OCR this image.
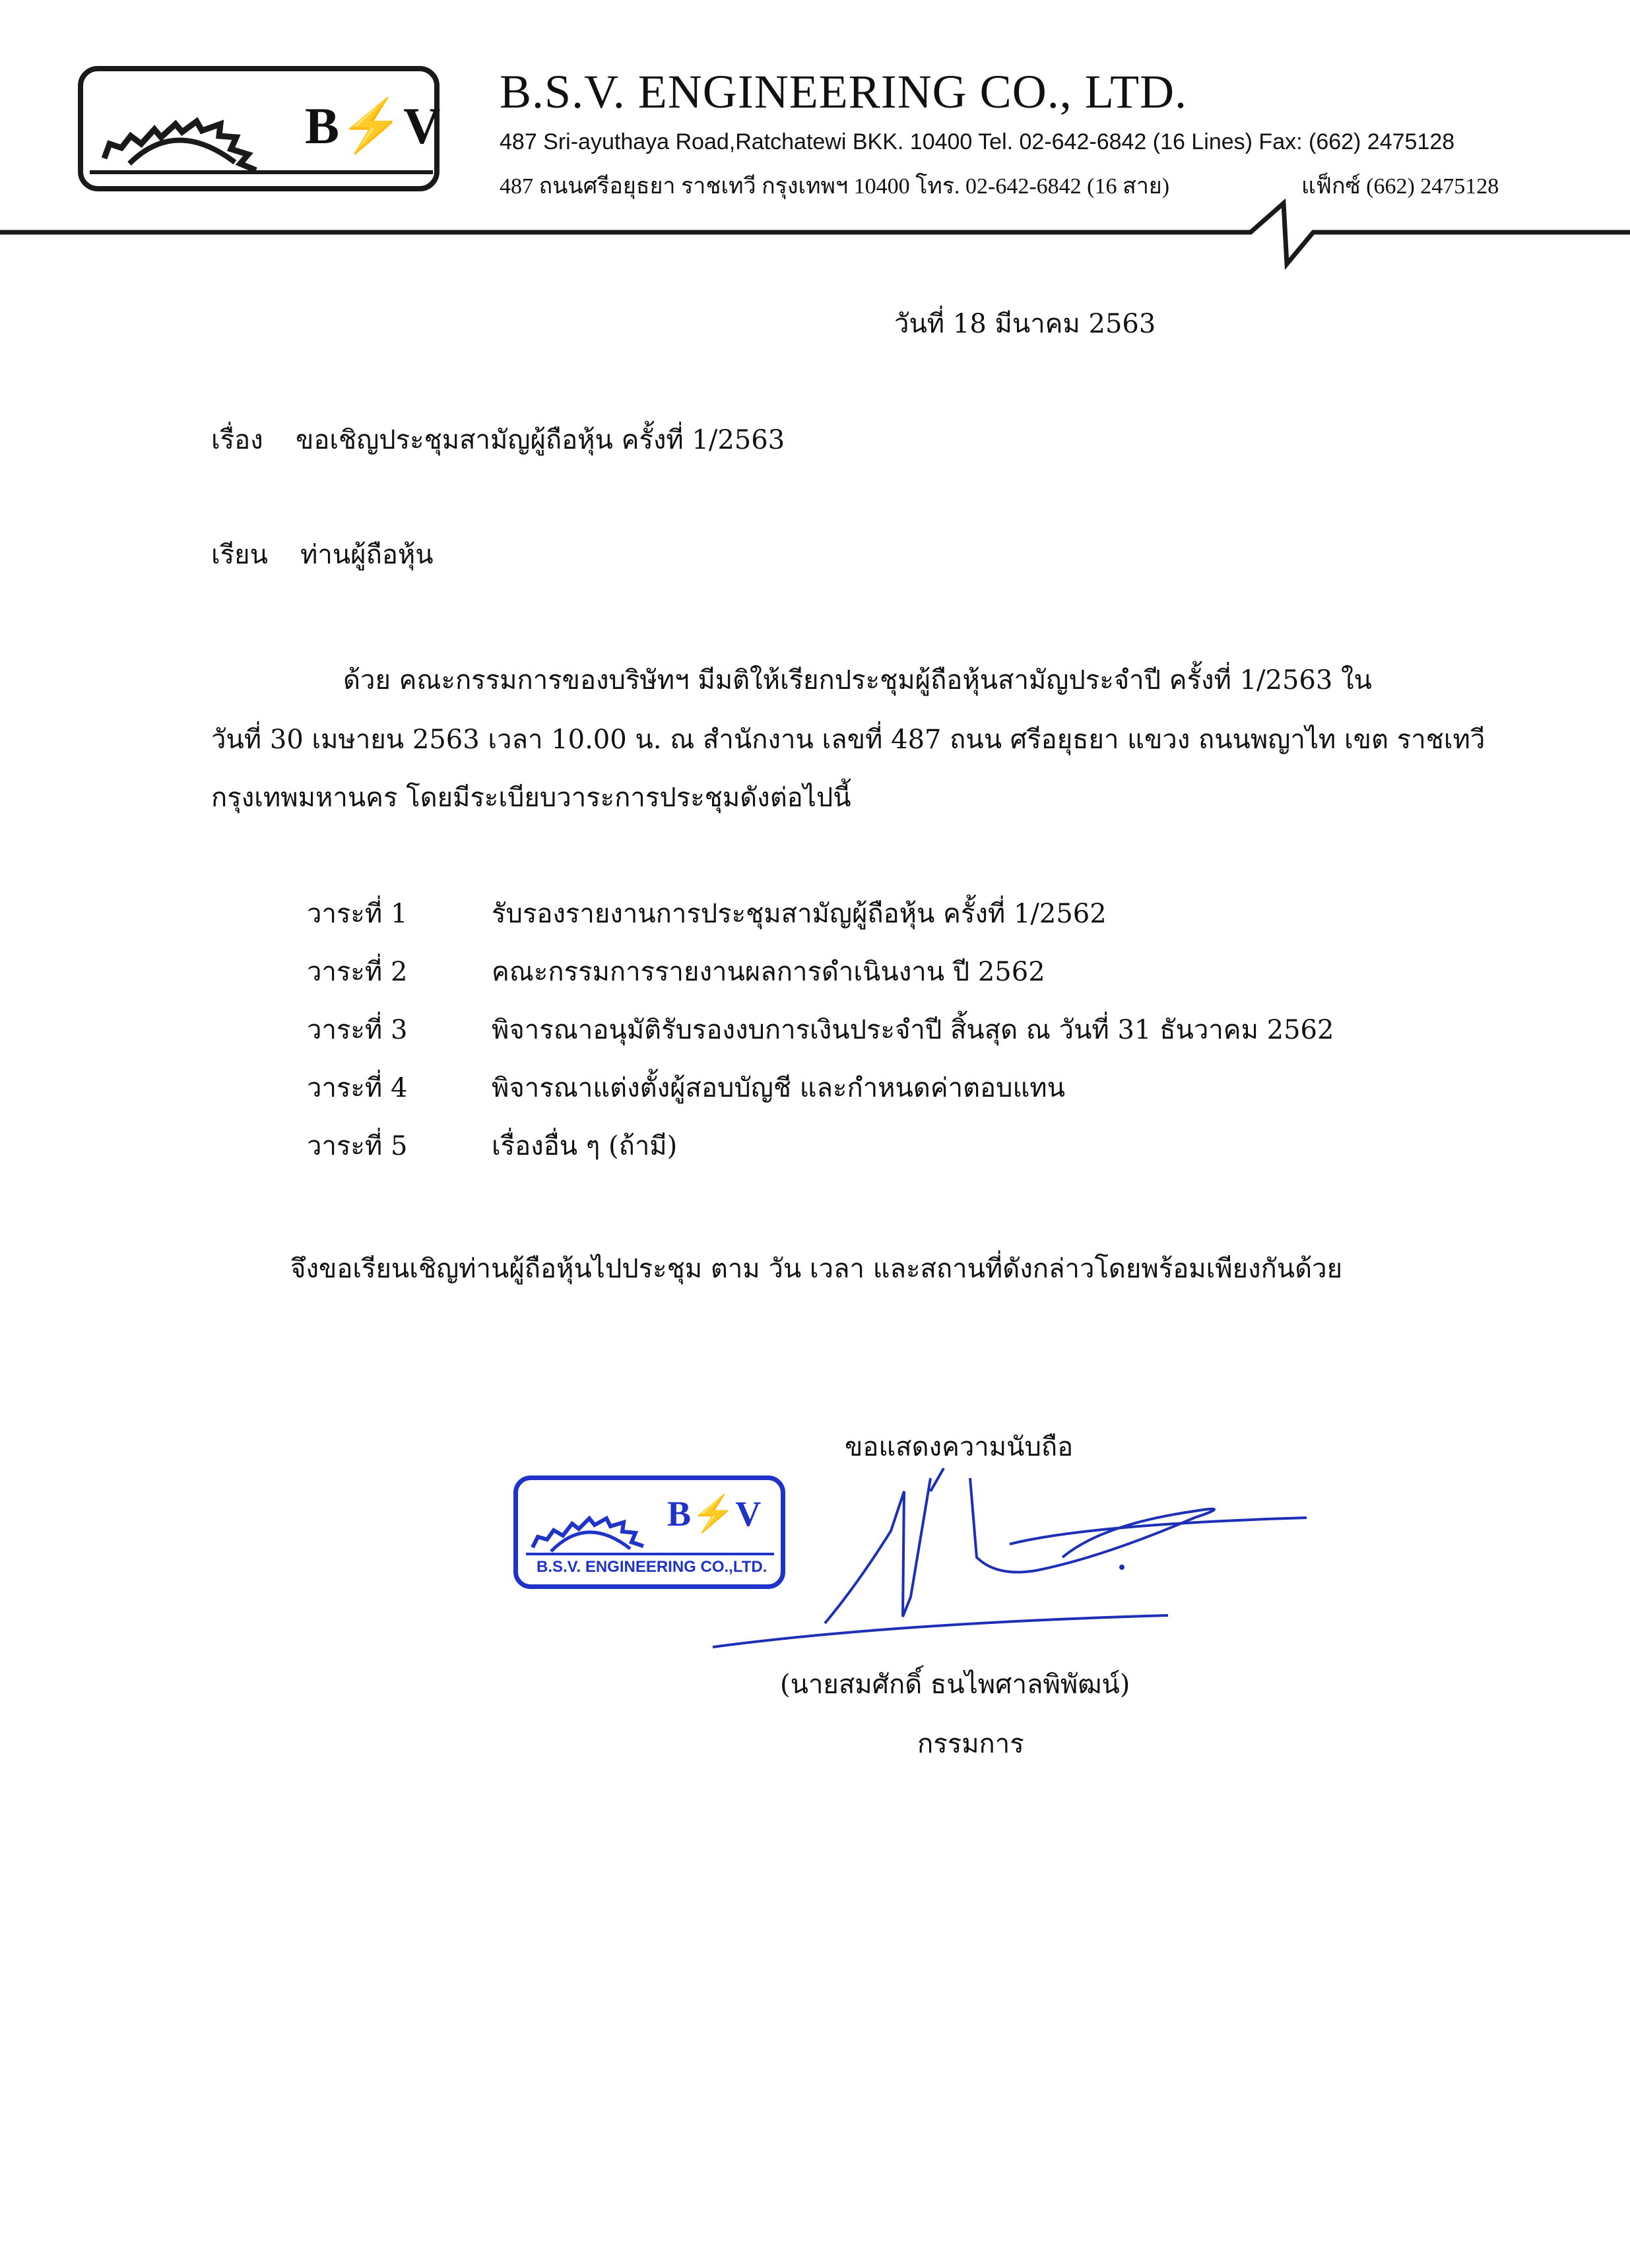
B⚡V
B.S.V. ENGINEERING CO., LTD.
487 Sri-ayuthaya Road,Ratchatewi BKK. 10400 Tel. 02-642-6842 (16 Lines) Fax: (662) 2475128
487 ถนนศรีอยุธยา ราชเทวี กรุงเทพฯ 10400 โทร. 02-642-6842 (16 สาย)	แฟ็กซ์ (662) 2475128
วันที่ 18 มีนาคม 2563
เรื่อง ขอเชิญประชุมสามัญผู้ถือหุ้น ครั้งที่ 1/2563
เรียน ท่านผู้ถือหุ้น
ด้วย คณะกรรมการของบริษัทฯ มีมติให้เรียกประชุมผู้ถือหุ้นสามัญประจำปี ครั้งที่ 1/2563 ใน
วันที่ 30 เมษายน 2563 เวลา 10.00 น. ณ สำนักงาน เลขที่ 487 ถนน ศรีอยุธยา แขวง ถนนพญาไท เขต ราชเทวี
กรุงเทพมหานคร โดยมีระเบียบวาระการประชุมดังต่อไปนี้
วาระที่ 1	รับรองรายงานการประชุมสามัญผู้ถือหุ้น ครั้งที่ 1/2562
วาระที่ 2	คณะกรรมการรายงานผลการดำเนินงาน ปี 2562
วาระที่ 3	พิจารณาอนุมัติรับรองงบการเงินประจำปี สิ้นสุด ณ วันที่ 31 ธันวาคม 2562
วาระที่ 4	พิจารณาแต่งตั้งผู้สอบบัญชี และกำหนดค่าตอบแทน
วาระที่ 5	เรื่องอื่น ๆ (ถ้ามี)
จึงขอเรียนเชิญท่านผู้ถือหุ้นไปประชุม ตาม วัน เวลา และสถานที่ดังกล่าวโดยพร้อมเพียงกันด้วย
ขอแสดงความนับถือ
B⚡V
B.S.V. ENGINEERING CO.,LTD.
(นายสมศักดิ์ ธนไพศาลพิพัฒน์)
กรรมการ
